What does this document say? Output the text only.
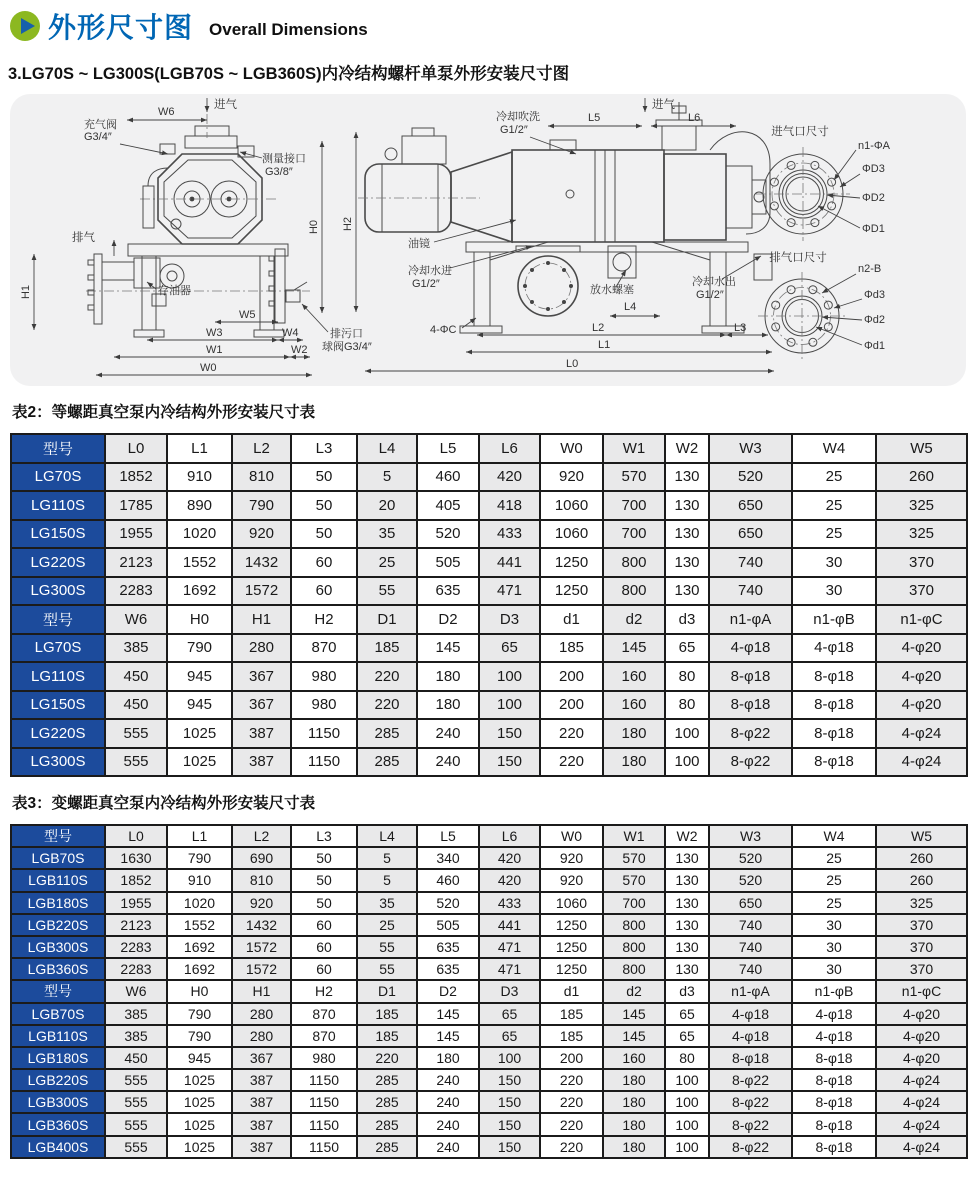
外形尺寸图 Overall Dimensions
3.LG70S ~ LG300S(LGB70S ~ LGB360S)内冷结构螺杆单泵外形安装尺寸图
W6
进气
充气阀
G3/4″
测量接口
G3/8″
排气
H0
H1	存油器
W5
W3	W4
W1	W2
W0
排污口
球阀G3/4″
冷却吹洗
G1/2″
L5
进气
L6
H2
油镜
冷却水进
G1/2″	放水螺塞
冷却水出
G1/2″
4-ΦC
L4
L2	L3
L1
L0
进气口尺寸
n1-ΦA
ΦD3
ΦD2
ΦD1
排气口尺寸
n2-B
Φd3
Φd2
Φd1
表2：等螺距真空泵内冷结构外形安装尺寸表
型号	L0	L1	L2	L3	L4	L5	L6	W0	W1	W2	W3	W4	W5
LG70S	1852	910	810	50	5	460	420	920	570	130	520	25	260
LG110S	1785	890	790	50	20	405	418	1060	700	130	650	25	325
LG150S	1955	1020	920	50	35	520	433	1060	700	130	650	25	325
LG220S	2123	1552	1432	60	25	505	441	1250	800	130	740	30	370
LG300S	2283	1692	1572	60	55	635	471	1250	800	130	740	30	370
型号	W6	H0	H1	H2	D1	D2	D3	d1	d2	d3	n1-φA	n1-φB	n1-φC
LG70S	385	790	280	870	185	145	65	185	145	65	4-φ18	4-φ18	4-φ20
LG110S	450	945	367	980	220	180	100	200	160	80	8-φ18	8-φ18	4-φ20
LG150S	450	945	367	980	220	180	100	200	160	80	8-φ18	8-φ18	4-φ20
LG220S	555	1025	387	1150	285	240	150	220	180	100	8-φ22	8-φ18	4-φ24
LG300S	555	1025	387	1150	285	240	150	220	180	100	8-φ22	8-φ18	4-φ24
表3：变螺距真空泵内冷结构外形安装尺寸表
型号	L0	L1	L2	L3	L4	L5	L6	W0	W1	W2	W3	W4	W5
LGB70S	1630	790	690	50	5	340	420	920	570	130	520	25	260
LGB110S	1852	910	810	50	5	460	420	920	570	130	520	25	260
LGB180S	1955	1020	920	50	35	520	433	1060	700	130	650	25	325
LGB220S	2123	1552	1432	60	25	505	441	1250	800	130	740	30	370
LGB300S	2283	1692	1572	60	55	635	471	1250	800	130	740	30	370
LGB360S	2283	1692	1572	60	55	635	471	1250	800	130	740	30	370
型号	W6	H0	H1	H2	D1	D2	D3	d1	d2	d3	n1-φA	n1-φB	n1-φC
LGB70S	385	790	280	870	185	145	65	185	145	65	4-φ18	4-φ18	4-φ20
LGB110S	385	790	280	870	185	145	65	185	145	65	4-φ18	4-φ18	4-φ20
LGB180S	450	945	367	980	220	180	100	200	160	80	8-φ18	8-φ18	4-φ20
LGB220S	555	1025	387	1150	285	240	150	220	180	100	8-φ22	8-φ18	4-φ24
LGB300S	555	1025	387	1150	285	240	150	220	180	100	8-φ22	8-φ18	4-φ24
LGB360S	555	1025	387	1150	285	240	150	220	180	100	8-φ22	8-φ18	4-φ24
LGB400S	555	1025	387	1150	285	240	150	220	180	100	8-φ22	8-φ18	4-φ24
